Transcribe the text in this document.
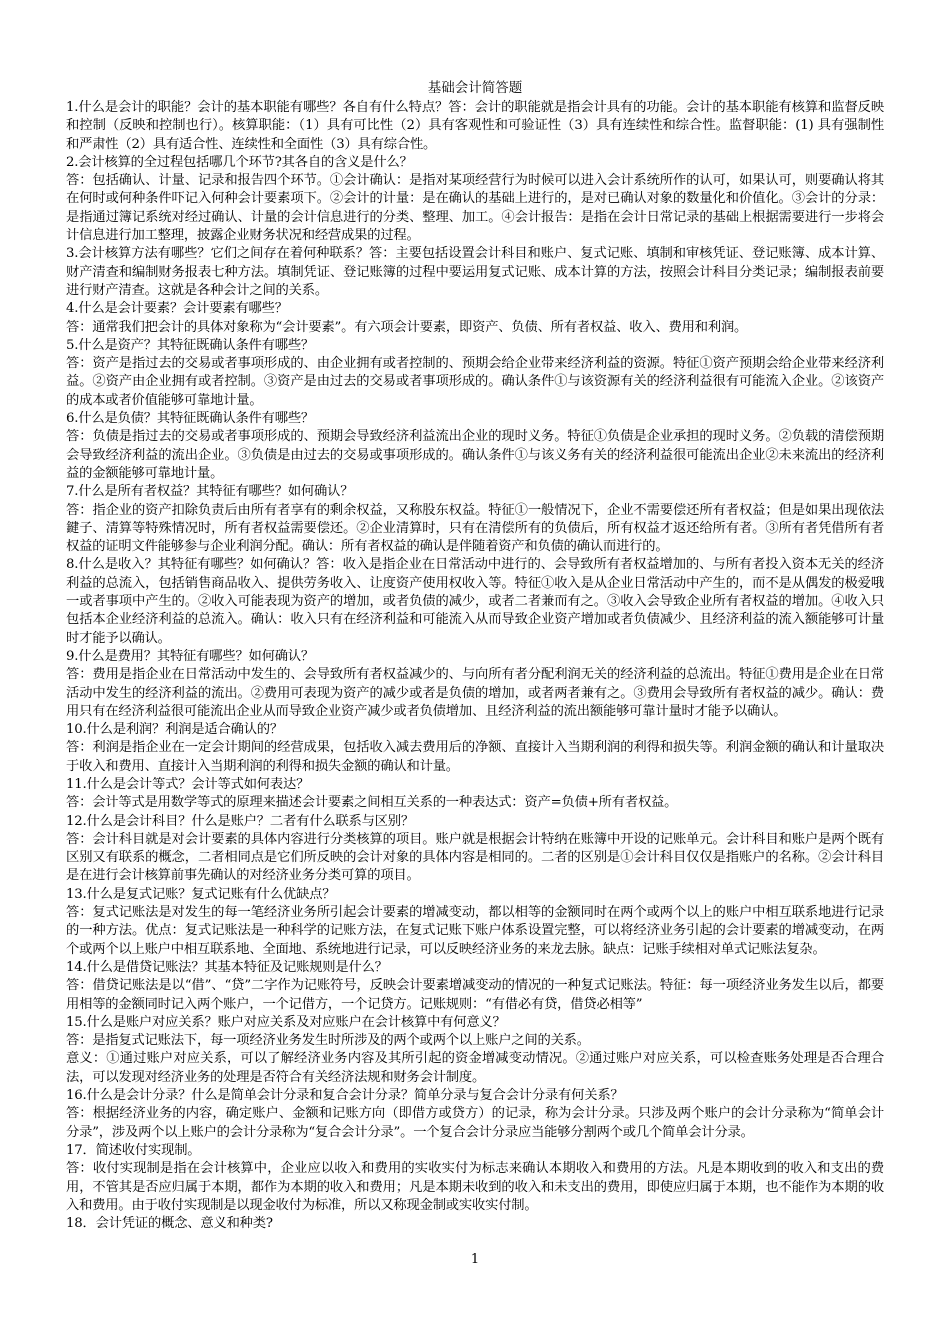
基础会计简答题

1.什么是会计的职能？会计的基本职能有哪些？各自有什么特点？答：会计的职能就是指会计具有的功能。会计的基本职能有核算和监督反映和控制（反映和控制也行）。核算职能：（1）具有可比性（2）具有客观性和可验证性（3）具有连续性和综合性。监督职能：(1) 具有强制性和严肃性（2）具有适合性、连续性和全面性（3）具有综合性。

2.会计核算的全过程包括哪几个环节?其各自的含义是什么？

答：包括确认、计量、记录和报告四个环节。①会计确认：是指对某项经营行为时候可以进入会计系统所作的认可，如果认可，则要确认将其在何时或何种条件吓记入何种会计要素项下。②会计的计量：是在确认的基础上进行的，是对已确认对象的数量化和价值化。③会计的分录：是指通过簿记系统对经过确认、计量的会计信息进行的分类、整理、加工。④会计报告：是指在会计日常记录的基础上根据需要进行一步将会计信息进行加工整理，披露企业财务状况和经营成果的过程。

3.会计核算方法有哪些？它们之间存在着何种联系？答：主要包括设置会计科目和账户、复式记账、填制和审核凭证、登记账簿、成本计算、财产清查和编制财务报表七种方法。填制凭证、登记账簿的过程中要运用复式记账、成本计算的方法，按照会计科目分类记录；编制报表前要进行财产清查。这就是各种会计之间的关系。

4.什么是会计要素？会计要素有哪些？

答：通常我们把会计的具体对象称为“会计要素”。有六项会计要素，即资产、负债、所有者权益、收入、费用和利润。

5.什么是资产？其特征既确认条件有哪些？

答：资产是指过去的交易或者事项形成的、由企业拥有或者控制的、预期会给企业带来经济利益的资源。特征①资产预期会给企业带来经济利益。②资产由企业拥有或者控制。③资产是由过去的交易或者事项形成的。确认条件①与该资源有关的经济利益很有可能流入企业。②该资产的成本或者价值能够可靠地计量。

6.什么是负债？其特征既确认条件有哪些？

答：负债是指过去的交易或者事项形成的、预期会导致经济利益流出企业的现时义务。特征①负债是企业承担的现时义务。②负载的清偿预期会导致经济利益的流出企业。③负债是由过去的交易或事项形成的。确认条件①与该义务有关的经济利益很可能流出企业②未来流出的经济利益的金额能够可靠地计量。

7.什么是所有者权益？其特征有哪些？如何确认？

答：指企业的资产扣除负责后由所有者享有的剩余权益，又称股东权益。特征①一般情况下，企业不需要偿还所有者权益；但是如果出现依法鍵子、清算等特殊情况时，所有者权益需要偿还。②企业清算时，只有在清偿所有的负债后，所有权益才返还给所有者。③所有者凭借所有者权益的证明文件能够参与企业利润分配。确认：所有者权益的确认是伴随着资产和负债的确认而进行的。

8.什么是收入？其特征有哪些？如何确认？答：收入是指企业在日常活动中进行的、会导致所有者权益增加的、与所有者投入资本无关的经济利益的总流入，包括销售商品收入、提供劳务收入、让度资产使用权收入等。特征①收入是从企业日常活动中产生的，而不是从偶发的极爱哦一或者事项中产生的。②收入可能表现为资产的增加，或者负债的减少，或者二者兼而有之。③收入会导致企业所有者权益的增加。④收入只包括本企业经济利益的总流入。确认：收入只有在经济利益和可能流入从而导致企业资产增加或者负债减少、且经济利益的流入额能够可计量时才能予以确认。

9.什么是费用？其特征有哪些？如何确认？

答：费用是指企业在日常活动中发生的、会导致所有者权益减少的、与向所有者分配利润无关的经济利益的总流出。特征①费用是企业在日常活动中发生的经济利益的流出。②费用可表现为资产的减少或者是负债的增加，或者两者兼有之。③费用会导致所有者权益的减少。确认：费用只有在经济利益很可能流出企业从而导致企业资产减少或者负债增加、且经济利益的流出额能够可靠计量时才能予以确认。

10.什么是利润？利润是适合确认的？

答：利润是指企业在一定会计期间的经营成果，包括收入减去费用后的净额、直接计入当期利润的利得和损失等。利润金额的确认和计量取决于收入和费用、直接计入当期利润的利得和损失金额的确认和计量。

11.什么是会计等式？会计等式如何表达？

答：会计等式是用数学等式的原理来描述会计要素之间相互关系的一种表达式：资产=负债+所有者权益。

12.什么是会计科目？什么是账户？二者有什么联系与区别？

答：会计科目就是对会计要素的具体内容进行分类核算的项目。账户就是根据会计特纳在账簿中开设的记账单元。会计科目和账户是两个既有区别又有联系的概念，二者相同点是它们所反映的会计对象的具体内容是相同的。二者的区别是①会计科目仅仅是指账户的名称。②会计科目是在进行会计核算前事先确认的对经济业务分类可算的项目。

13.什么是复式记账？复式记账有什么优缺点？

答：复式记账法是对发生的每一笔经济业务所引起会计要素的增减变动，都以相等的金额同时在两个或两个以上的账户中相互联系地进行记录的一种方法。优点：复式记账法是一种科学的记账方法，在复式记账下账户体系设置完整，可以将经济业务引起的会计要素的增减变动，在两个或两个以上账户中相互联系地、全面地、系统地进行记录，可以反映经济业务的来龙去脉。缺点：记账手续相对单式记账法复杂。

14.什么是借贷记账法？其基本特征及记账规则是什么？

答：借贷记账法是以“借”、“贷”二字作为记账符号，反映会计要素增减变动的情况的一种复式记账法。特征：每一项经济业务发生以后，都要用相等的金额同时记入两个账户，一个记借方，一个记贷方。记账规则：“有借必有贷，借贷必相等”

15.什么是账户对应关系？账户对应关系及对应账户在会计核算中有何意义？

答：是指复式记账法下，每一项经济业务发生时所涉及的两个或两个以上账户之间的关系。

意义：①通过账户对应关系，可以了解经济业务内容及其所引起的资金增减变动情况。②通过账户对应关系，可以检查账务处理是否合理合法，可以发现对经济业务的处理是否符合有关经济法规和财务会计制度。

16.什么是会计分录？什么是简单会计分录和复合会计分录？简单分录与复合会计分录有何关系？

答：根据经济业务的内容，确定账户、金额和记账方向（即借方或贷方）的记录，称为会计分录。只涉及两个账户的会计分录称为“简单会计分录”，涉及两个以上账户的会计分录称为“复合会计分录”。一个复合会计分录应当能够分割两个或几个简单会计分录。

17．简述收付实现制。

答：收付实现制是指在会计核算中，企业应以收入和费用的实收实付为标志来确认本期收入和费用的方法。凡是本期收到的收入和支出的费用，不管其是否应归属于本期，都作为本期的收入和费用；凡是本期未收到的收入和未支出的费用，即使应归属于本期，也不能作为本期的收入和费用。由于收付实现制是以现金收付为标准，所以又称现金制或实收实付制。

18．会计凭证的概念、意义和种类?

1
